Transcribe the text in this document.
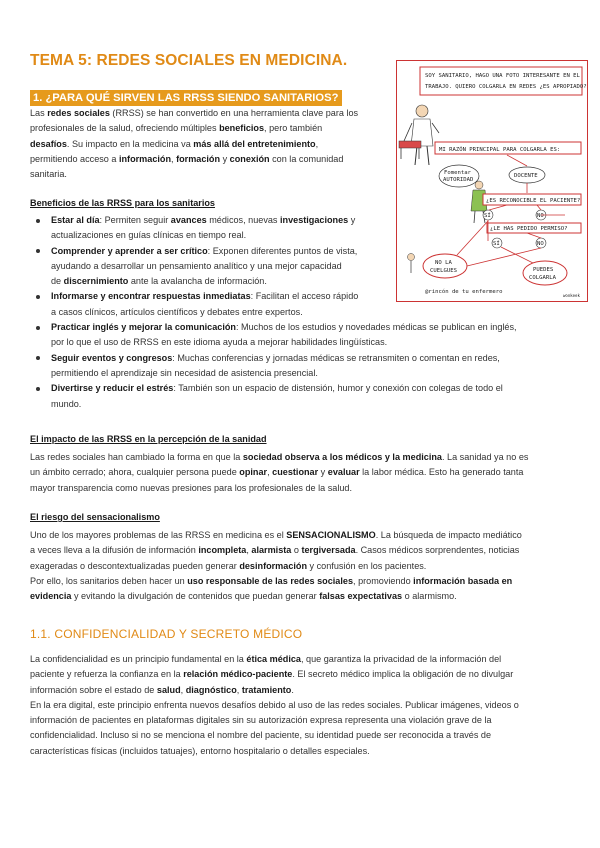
TEMA 5: REDES SOCIALES EN MEDICINA.
1. ¿PARA QUÉ SIRVEN LAS RRSS SIENDO SANITARIOS?
Las redes sociales (RRSS) se han convertido en una herramienta clave para los
profesionales de la salud, ofreciendo múltiples beneficios, pero también
desafíos. Su impacto en la medicina va más allá del entretenimiento,
permitiendo acceso a información, formación y conexión con la comunidad
sanitaria.
Beneficios de las RRSS para los sanitarios
Estar al día: Permiten seguir avances médicos, nuevas investigaciones y
actualizaciones en guías clínicas en tiempo real.
Comprender y aprender a ser crítico: Exponen diferentes puntos de vista,
ayudando a desarrollar un pensamiento analítico y una mejor capacidad
de discernimiento ante la avalancha de información.
Informarse y encontrar respuestas inmediatas: Facilitan el acceso rápido
a casos clínicos, artículos científicos y debates entre expertos.
Practicar inglés y mejorar la comunicación: Muchos de los estudios y novedades médicas se publican en inglés,
por lo que el uso de RRSS en este idioma ayuda a mejorar habilidades lingüísticas.
Seguir eventos y congresos: Muchas conferencias y jornadas médicas se retransmiten o comentan en redes,
permitiendo el aprendizaje sin necesidad de asistencia presencial.
Divertirse y reducir el estrés: También son un espacio de distensión, humor y conexión con colegas de todo el
mundo.
El impacto de las RRSS en la percepción de la sanidad
Las redes sociales han cambiado la forma en que la sociedad observa a los médicos y la medicina. La sanidad ya no es
un ámbito cerrado; ahora, cualquier persona puede opinar, cuestionar y evaluar la labor médica. Esto ha generado tanta
mayor transparencia como nuevas presiones para los profesionales de la salud.
El riesgo del sensacionalismo
Uno de los mayores problemas de las RRSS en medicina es el SENSACIONALISMO. La búsqueda de impacto mediático
a veces lleva a la difusión de información incompleta, alarmista o tergiversada. Casos médicos sorprendentes, noticias
exageradas o descontextualizadas pueden generar desinformación y confusión en los pacientes.
Por ello, los sanitarios deben hacer un uso responsable de las redes sociales, promoviendo información basada en
evidencia y evitando la divulgación de contenidos que puedan generar falsas expectativas o alarmismo.
1.1. CONFIDENCIALIDAD Y SECRETO MÉDICO
La confidencialidad es un principio fundamental en la ética médica, que garantiza la privacidad de la información del
paciente y refuerza la confianza en la relación médico-paciente. El secreto médico implica la obligación de no divulgar
información sobre el estado de salud, diagnóstico, tratamiento.
En la era digital, este principio enfrenta nuevos desafíos debido al uso de las redes sociales. Publicar imágenes, videos o
información de pacientes en plataformas digitales sin su autorización expresa representa una violación grave de la
confidencialidad. Incluso si no se menciona el nombre del paciente, su identidad puede ser reconocida a través de
características físicas (incluidos tatuajes), entorno hospitalario o detalles especiales.
SOY SANITARIO, HAGO UNA FOTO INTERESANTE EN EL
TRABAJO. QUIERO COLGARLA EN REDES ¿ES APROPIADO?
MI RAZÓN PRINCIPAL PARA COLGARLA ES:
Fomentar
AUTORIDAD
DOCENTE
¿ES RECONOCIBLE EL PACIENTE?
SÍ	NO
¿LE HAS PEDIDO PERMISO?
SÍ	NO
NO LA
CUELGUES	PUEDES
COLGARLA
@rincón de tu enfermero
wonkeek
